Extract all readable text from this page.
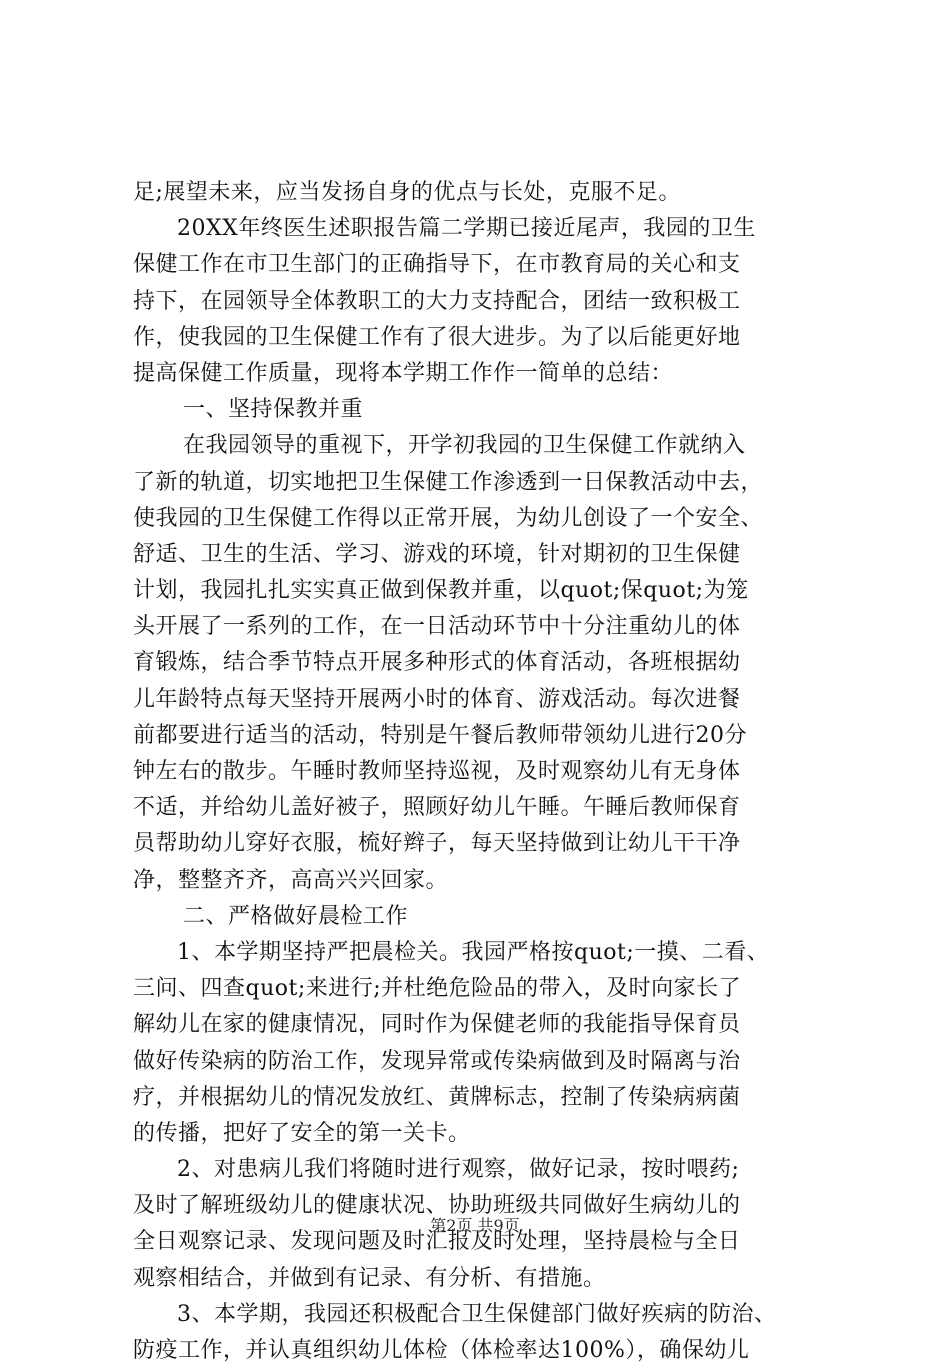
足;展望未来，应当发扬自身的优点与长处，克服不足。
20XX年终医生述职报告篇二学期已接近尾声，我园的卫生
保健工作在市卫生部门的正确指导下，在市教育局的关心和支
持下，在园领导全体教职工的大力支持配合，团结一致积极工
作，使我园的卫生保健工作有了很大进步。为了以后能更好地
提高保健工作质量，现将本学期工作作一简单的总结：
一、坚持保教并重
在我园领导的重视下，开学初我园的卫生保健工作就纳入
了新的轨道，切实地把卫生保健工作渗透到一日保教活动中去，
使我园的卫生保健工作得以正常开展，为幼儿创设了一个安全、
舒适、卫生的生活、学习、游戏的环境，针对期初的卫生保健
计划，我园扎扎实实真正做到保教并重，以quot;保quot;为笼
头开展了一系列的工作，在一日活动环节中十分注重幼儿的体
育锻炼，结合季节特点开展多种形式的体育活动，各班根据幼
儿年龄特点每天坚持开展两小时的体育、游戏活动。每次进餐
前都要进行适当的活动，特别是午餐后教师带领幼儿进行20分
钟左右的散步。午睡时教师坚持巡视，及时观察幼儿有无身体
不适，并给幼儿盖好被子，照顾好幼儿午睡。午睡后教师保育
员帮助幼儿穿好衣服，梳好辫子，每天坚持做到让幼儿干干净
净，整整齐齐，高高兴兴回家。
二、严格做好晨检工作
1、本学期坚持严把晨检关。我园严格按quot;一摸、二看、
三问、四查quot;来进行;并杜绝危险品的带入，及时向家长了
解幼儿在家的健康情况，同时作为保健老师的我能指导保育员
做好传染病的防治工作，发现异常或传染病做到及时隔离与治
疗，并根据幼儿的情况发放红、黄牌标志，控制了传染病病菌
的传播，把好了安全的第一关卡。
2、对患病儿我们将随时进行观察，做好记录，按时喂药;
及时了解班级幼儿的健康状况、协助班级共同做好生病幼儿的
全日观察记录、发现问题及时汇报及时处理，坚持晨检与全日
观察相结合，并做到有记录、有分析、有措施。
3、本学期，我园还积极配合卫生保健部门做好疾病的防治、
防疫工作，并认真组织幼儿体检（体检率达100%），确保幼儿
第2页 共9页
